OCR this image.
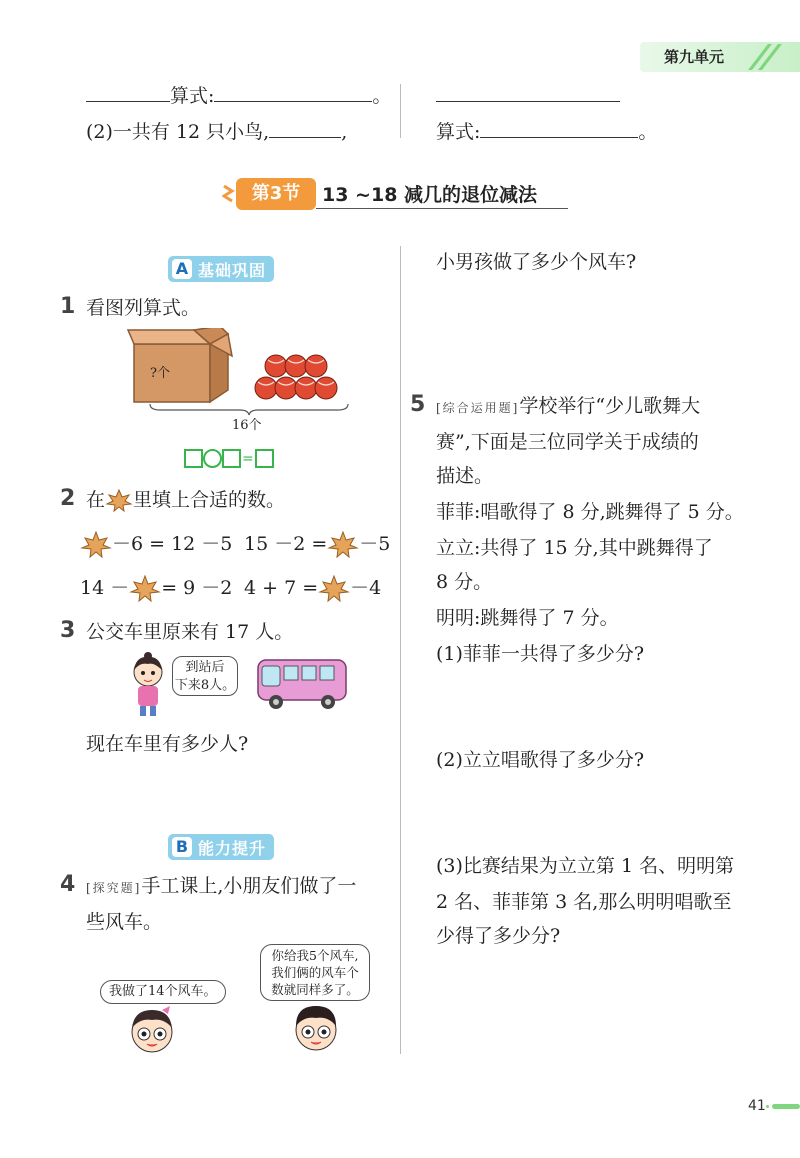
第九单元
算式:	。
(2)一共有 12 只小鸟,	,	算式:	。
第3节	13 ~18 减几的退位减法
A 基础巩固
1 看图列算式。
?个
16个
=
2 在 里填上合适的数。
－6 = 12 －5 15 －2 = －5
14 － = 9 －2 4 + 7 = －4
3 公交车里原来有 17 人。
到站后
下来8人。
现在车里有多少人?
B 能力提升
4 [探究题]手工课上,小朋友们做了一
些风车。
我做了14个风车。
你给我5个风车,
我们俩的风车个
数就同样多了。
小男孩做了多少个风车?
5 [综合运用题]学校举行“少儿歌舞大
赛”,下面是三位同学关于成绩的
描述。
菲菲:唱歌得了 8 分,跳舞得了 5 分。
立立:共得了 15 分,其中跳舞得了
8 分。
明明:跳舞得了 7 分。
(1)菲菲一共得了多少分?
(2)立立唱歌得了多少分?
(3)比赛结果为立立第 1 名、明明第
2 名、菲菲第 3 名,那么明明唱歌至
少得了多少分?
41
